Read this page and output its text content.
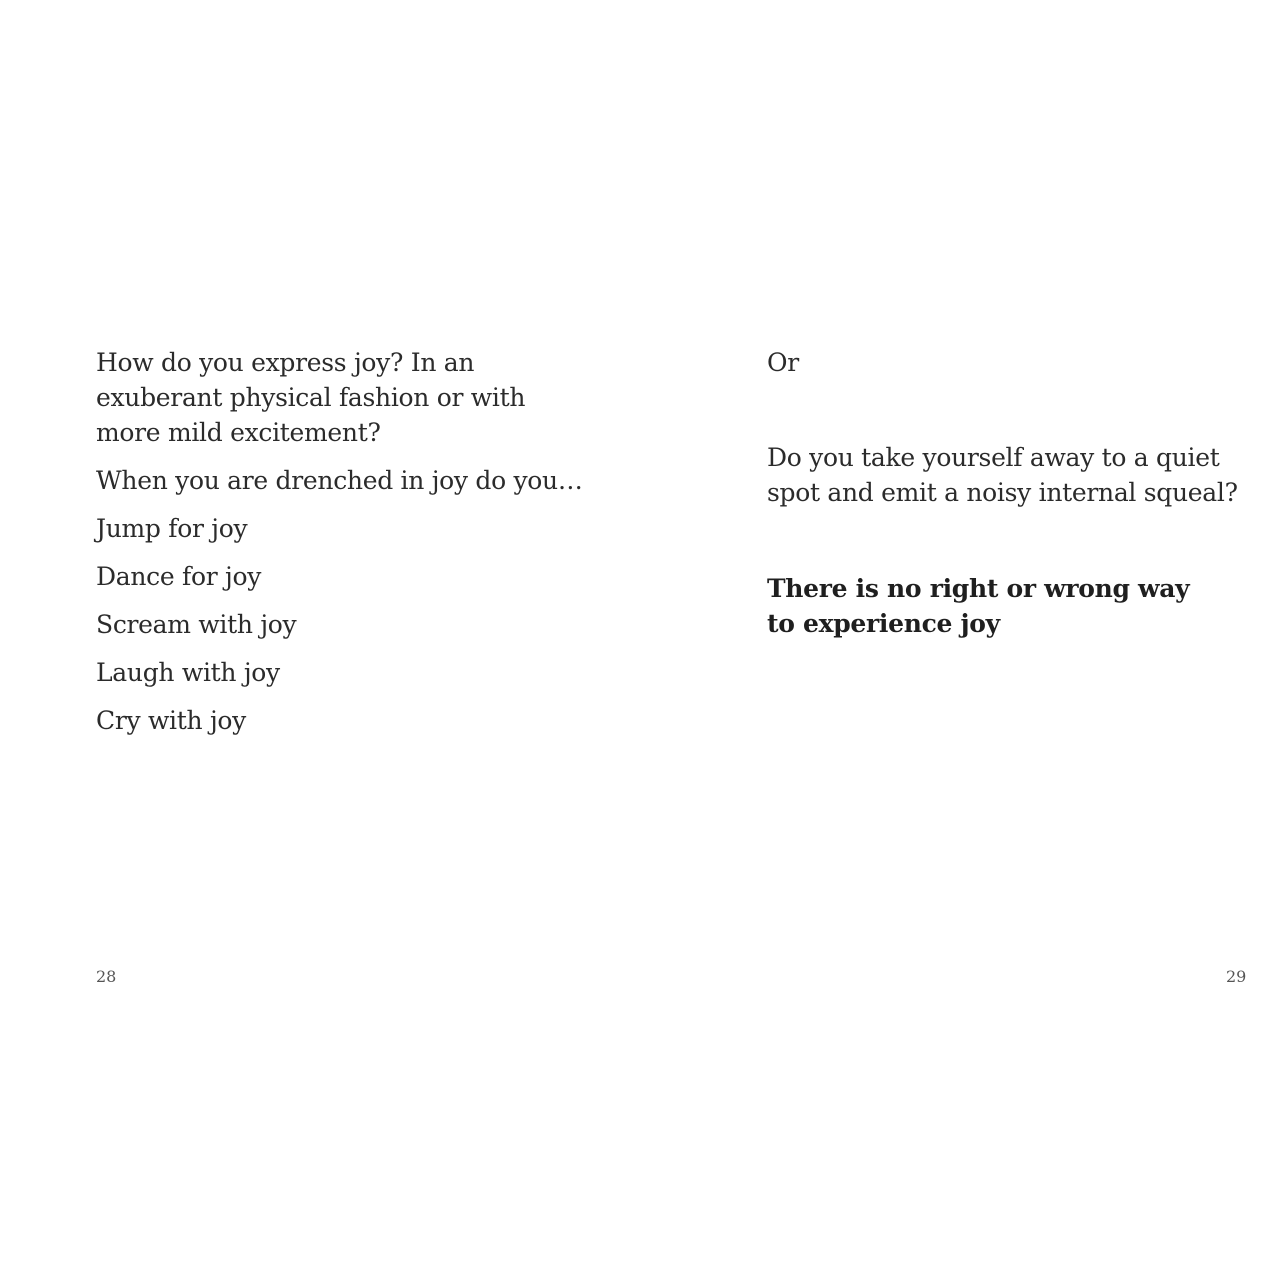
How do you express joy? In an exuberant physical fashion or with more mild excitement?

When you are drenched in joy do you…

Jump for joy

Dance for joy

Scream with joy

Laugh with joy

Cry with joy

28

Or

Do you take yourself away to a quiet spot and emit a noisy internal squeal?

There is no right or wrong way to experience joy

29
